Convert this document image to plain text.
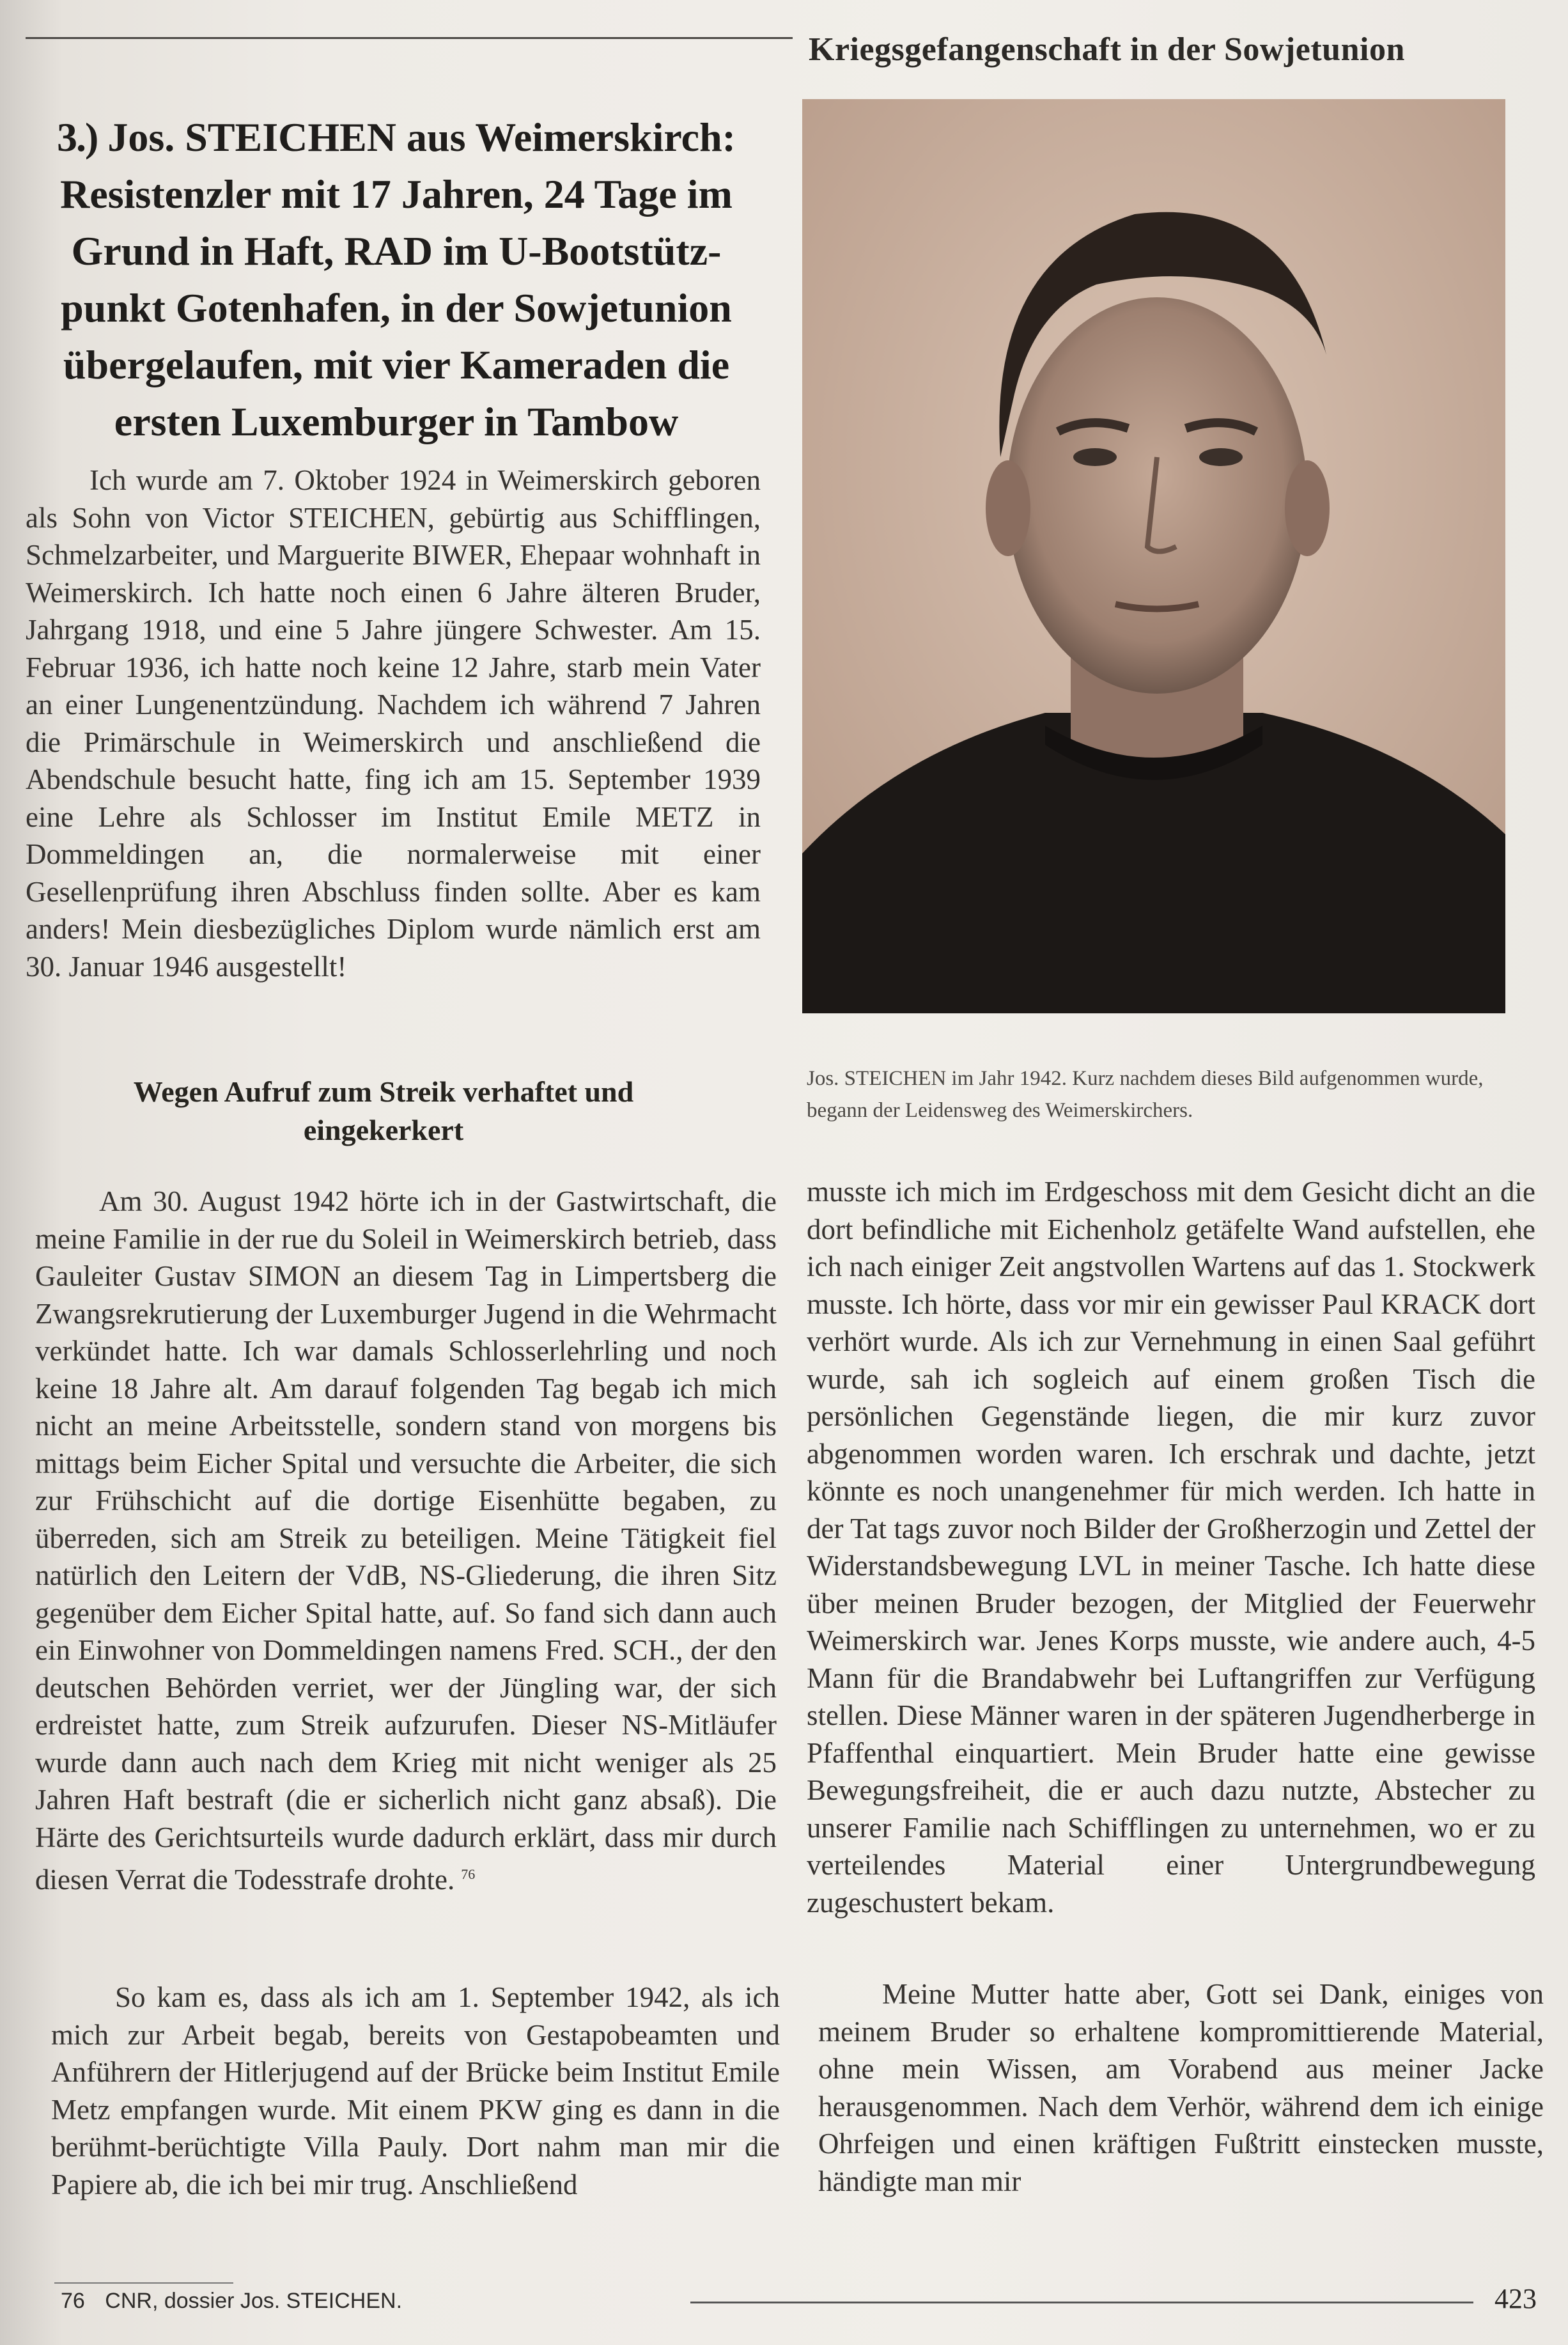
Kriegsgefangenschaft in der Sowjetunion
3.) Jos. STEICHEN aus Weimerskirch: Resistenzler mit 17 Jahren, 24 Tage im Grund in Haft, RAD im U-Bootstütz-punkt Gotenhafen, in der Sowjetunion übergelaufen, mit vier Kameraden die ersten Luxemburger in Tambow

Ich wurde am 7. Oktober 1924 in Weimerskirch geboren als Sohn von Victor STEICHEN, gebürtig aus Schifflingen, Schmelzarbeiter, und Marguerite BIWER, Ehepaar wohnhaft in Weimerskirch. Ich hatte noch einen 6 Jahre älteren Bruder, Jahrgang 1918, und eine 5 Jahre jüngere Schwester. Am 15. Februar 1936, ich hatte noch keine 12 Jahre, starb mein Vater an einer Lungenentzündung. Nachdem ich während 7 Jahren die Primärschule in Weimerskirch und anschließend die Abendschule besucht hatte, fing ich am 15. September 1939 eine Lehre als Schlosser im Institut Emile METZ in Dommeldingen an, die normalerweise mit einer Gesellenprüfung ihren Abschluss finden sollte. Aber es kam anders! Mein diesbezügliches Diplom wurde nämlich erst am 30. Januar 1946 ausgestellt!

Wegen Aufruf zum Streik verhaftet und eingekerkert

Am 30. August 1942 hörte ich in der Gastwirtschaft, die meine Familie in der rue du Soleil in Weimerskirch betrieb, dass Gauleiter Gustav SIMON an diesem Tag in Limpertsberg die Zwangsrekrutierung der Luxemburger Jugend in die Wehrmacht verkündet hatte. Ich war damals Schlosserlehrling und noch keine 18 Jahre alt. Am darauf folgenden Tag begab ich mich nicht an meine Arbeitsstelle, sondern stand von morgens bis mittags beim Eicher Spital und versuchte die Arbeiter, die sich zur Frühschicht auf die dortige Eisenhütte begaben, zu überreden, sich am Streik zu beteiligen. Meine Tätigkeit fiel natürlich den Leitern der VdB, NS-Gliederung, die ihren Sitz gegenüber dem Eicher Spital hatte, auf. So fand sich dann auch ein Einwohner von Dommeldingen namens Fred. SCH., der den deutschen Behörden verriet, wer der Jüngling war, der sich erdreistet hatte, zum Streik aufzurufen. Dieser NS-Mitläufer wurde dann auch nach dem Krieg mit nicht weniger als 25 Jahren Haft bestraft (die er sicherlich nicht ganz absaß). Die Härte des Gerichtsurteils wurde dadurch erklärt, dass mir durch diesen Verrat die Todesstrafe drohte. $^{76}$

So kam es, dass als ich am 1. September 1942, als ich mich zur Arbeit begab, bereits von Gestapobeamten und Anführern der Hitlerjugend auf der Brücke beim Institut Emile Metz empfangen wurde. Mit einem PKW ging es dann in die berühmt-berüchtigte Villa Pauly. Dort nahm man mir die Papiere ab, die ich bei mir trug. Anschließend

Jos. STEICHEN im Jahr 1942. Kurz nachdem dieses Bild aufgenommen wurde, begann der Leidensweg des Weimerskirchers.

musste ich mich im Erdgeschoss mit dem Gesicht dicht an die dort befindliche mit Eichenholz getäfelte Wand aufstellen, ehe ich nach einiger Zeit angstvollen Wartens auf das 1. Stockwerk musste. Ich hörte, dass vor mir ein gewisser Paul KRACK dort verhört wurde. Als ich zur Vernehmung in einen Saal geführt wurde, sah ich sogleich auf einem großen Tisch die persönlichen Gegenstände liegen, die mir kurz zuvor abgenommen worden waren. Ich erschrak und dachte, jetzt könnte es noch unangenehmer für mich werden. Ich hatte in der Tat tags zuvor noch Bilder der Großherzogin und Zettel der Widerstandsbewegung LVL in meiner Tasche. Ich hatte diese über meinen Bruder bezogen, der Mitglied der Feuerwehr Weimerskirch war. Jenes Korps musste, wie andere auch, 4-5 Mann für die Brandabwehr bei Luftangriffen zur Verfügung stellen. Diese Männer waren in der späteren Jugendherberge in Pfaffenthal einquartiert. Mein Bruder hatte eine gewisse Bewegungsfreiheit, die er auch dazu nutzte, Abstecher zu unserer Familie nach Schifflingen zu unternehmen, wo er zu verteilendes Material einer Untergrundbewegung zugeschustert bekam.

Meine Mutter hatte aber, Gott sei Dank, einiges von meinem Bruder so erhaltene kompromittierende Material, ohne mein Wissen, am Vorabend aus meiner Jacke herausgenommen. Nach dem Verhör, während dem ich einige Ohrfeigen und einen kräftigen Fußtritt einstecken musste, händigte man mir

76 CNR, dossier Jos. STEICHEN.	423
